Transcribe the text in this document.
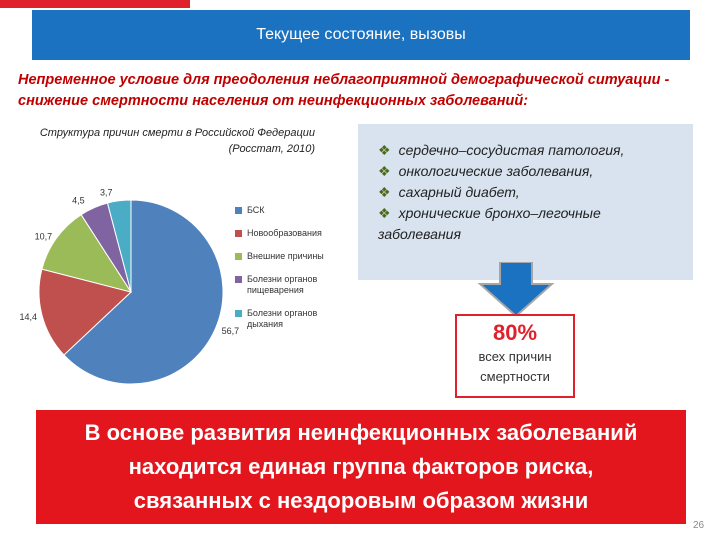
Текущее состояние, вызовы
Непременное условие для преодоления неблагоприятной демографической ситуации - снижение смертности населения от неинфекционных заболеваний:
Структура причин смерти в Российской Федерации (Росстат, 2010)
56,7
14,4
10,7
4,5
3,7
БСК
Новообразования
Внешние причины
Болезни органов пищеварения
Болезни органов дыхания
❖ сердечно–сосудистая патология,
❖ онкологические заболевания,
❖ сахарный диабет,
❖ хронические бронхо–легочные заболевания
80%
всех причин
смертности
В основе развития неинфекционных заболеваний
находится единая группа факторов риска,
связанных с нездоровым образом жизни
26
